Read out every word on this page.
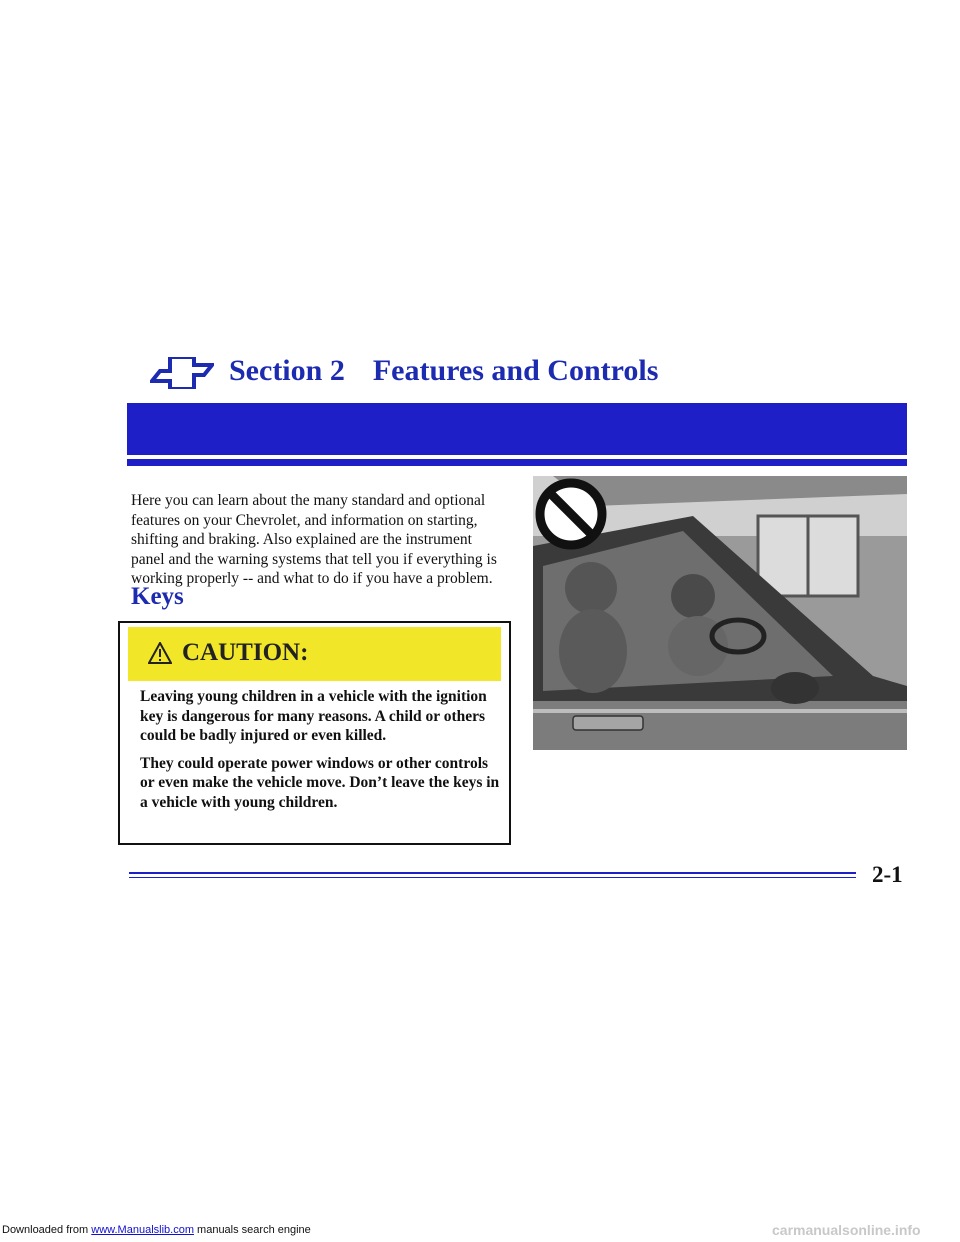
Section 2 Features and Controls

Here you can learn about the many standard and optional features on your Chevrolet, and information on starting, shifting and braking. Also explained are the instrument panel and the warning systems that tell you if everything is working properly -- and what to do if you have a problem.

Keys
CAUTION:

Leaving young children in a vehicle with the ignition key is dangerous for many reasons. A child or others could be badly injured or even killed.

They could operate power windows or other controls or even make the vehicle move. Don’t leave the keys in a vehicle with young children.

2-1
Downloaded from www.Manualslib.com manuals search engine	carmanualsonline.info
